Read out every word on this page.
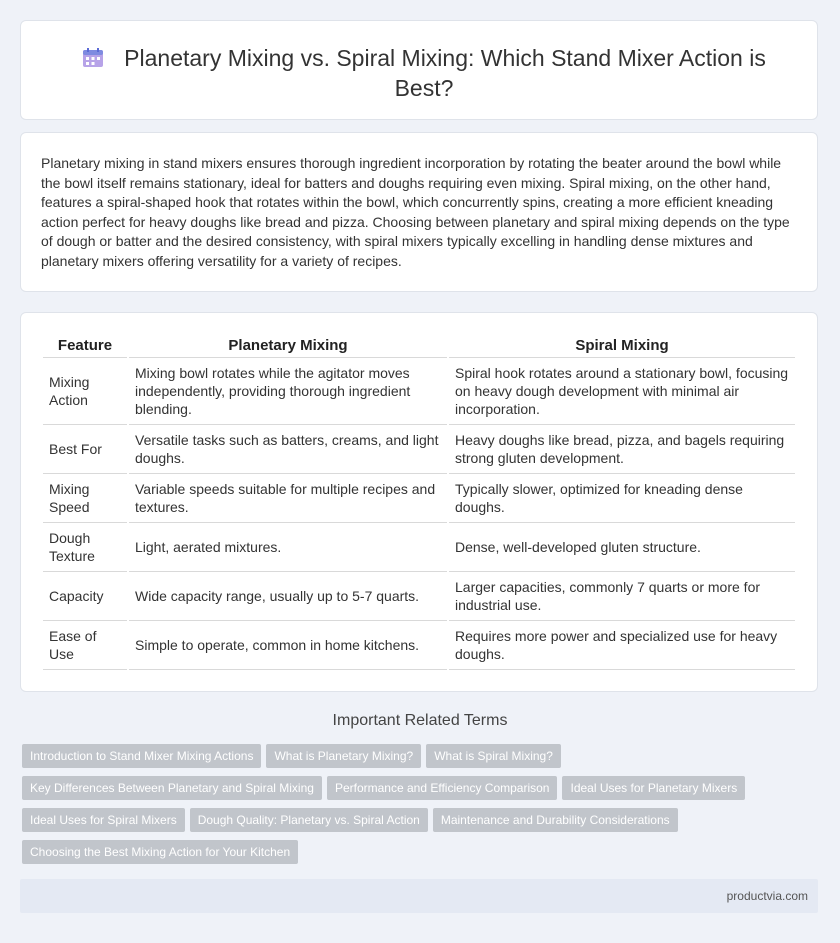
Planetary Mixing vs. Spiral Mixing: Which Stand Mixer Action is Best?
Planetary mixing in stand mixers ensures thorough ingredient incorporation by rotating the beater around the bowl while the bowl itself remains stationary, ideal for batters and doughs requiring even mixing. Spiral mixing, on the other hand, features a spiral-shaped hook that rotates within the bowl, which concurrently spins, creating a more efficient kneading action perfect for heavy doughs like bread and pizza. Choosing between planetary and spiral mixing depends on the type of dough or batter and the desired consistency, with spiral mixers typically excelling in handling dense mixtures and planetary mixers offering versatility for a variety of recipes.
Feature	Planetary Mixing	Spiral Mixing
Mixing Action	Mixing bowl rotates while the agitator moves independently, providing thorough ingredient blending.	Spiral hook rotates around a stationary bowl, focusing on heavy dough development with minimal air incorporation.
Best For	Versatile tasks such as batters, creams, and light doughs.	Heavy doughs like bread, pizza, and bagels requiring strong gluten development.
Mixing Speed	Variable speeds suitable for multiple recipes and textures.	Typically slower, optimized for kneading dense doughs.
Dough Texture	Light, aerated mixtures.	Dense, well-developed gluten structure.
Capacity	Wide capacity range, usually up to 5-7 quarts.	Larger capacities, commonly 7 quarts or more for industrial use.
Ease of Use	Simple to operate, common in home kitchens.	Requires more power and specialized use for heavy doughs.
Important Related Terms
Introduction to Stand Mixer Mixing Actions What is Planetary Mixing? What is Spiral Mixing?
Key Differences Between Planetary and Spiral Mixing Performance and Efficiency Comparison Ideal Uses for Planetary Mixers
Ideal Uses for Spiral Mixers Dough Quality: Planetary vs. Spiral Action Maintenance and Durability Considerations
Choosing the Best Mixing Action for Your Kitchen
productvia.com
